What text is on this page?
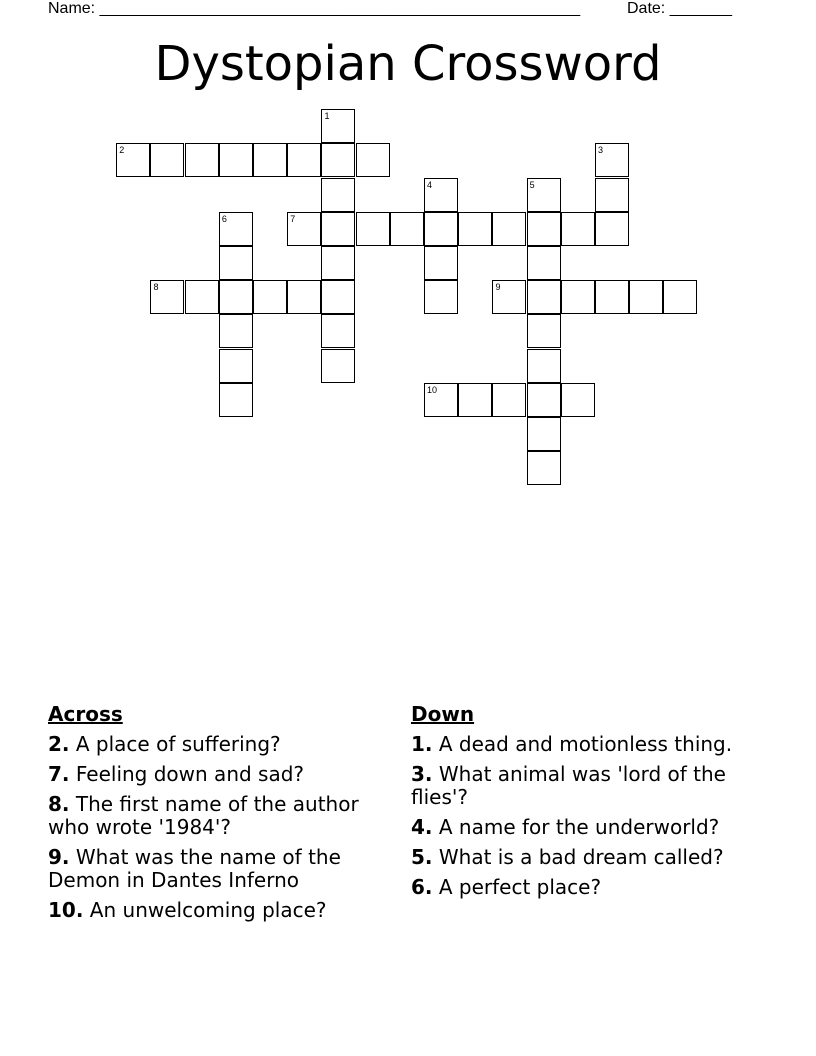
Name: ______________________________________________________	Date: _______
Dystopian Crossword
1
2	3
4	5
6	7
8	9
10
Across
2. A place of suffering?
7. Feeling down and sad?
8. The first name of the author who wrote '1984'?
9. What was the name of the Demon in Dantes Inferno
10. An unwelcoming place?
Down
1. A dead and motionless thing.
3. What animal was 'lord of the flies'?
4. A name for the underworld?
5. What is a bad dream called?
6. A perfect place?
